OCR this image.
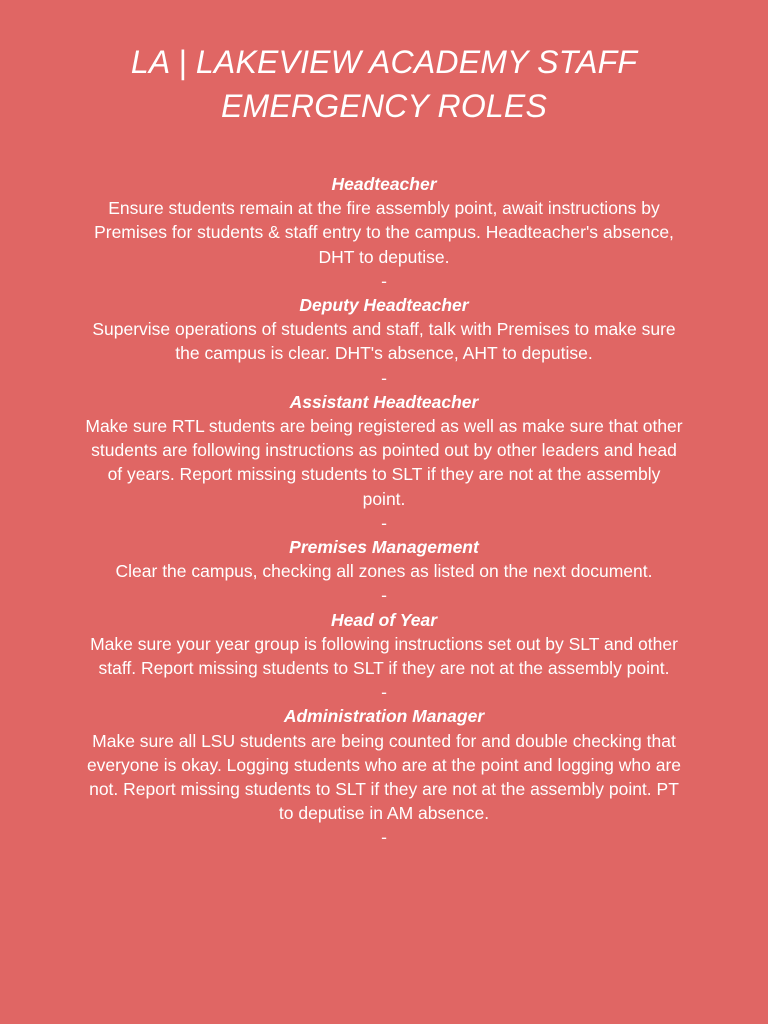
LA | LAKEVIEW ACADEMY STAFF EMERGENCY ROLES
Headteacher
Ensure students remain at the fire assembly point, await instructions by Premises for students & staff entry to the campus. Headteacher's absence, DHT to deputise.
-
Deputy Headteacher
Supervise operations of students and staff, talk with Premises to make sure the campus is clear. DHT's absence, AHT to deputise.
-
Assistant Headteacher
Make sure RTL students are being registered as well as make sure that other students are following instructions as pointed out by other leaders and head of years. Report missing students to SLT if they are not at the assembly point.
-
Premises Management
Clear the campus, checking all zones as listed on the next document.
-
Head of Year
Make sure your year group is following instructions set out by SLT and other staff. Report missing students to SLT if they are not at the assembly point.
-
Administration Manager
Make sure all LSU students are being counted for and double checking that everyone is okay. Logging students who are at the point and logging who are not. Report missing students to SLT if they are not at the assembly point. PT to deputise in AM absence.
-
